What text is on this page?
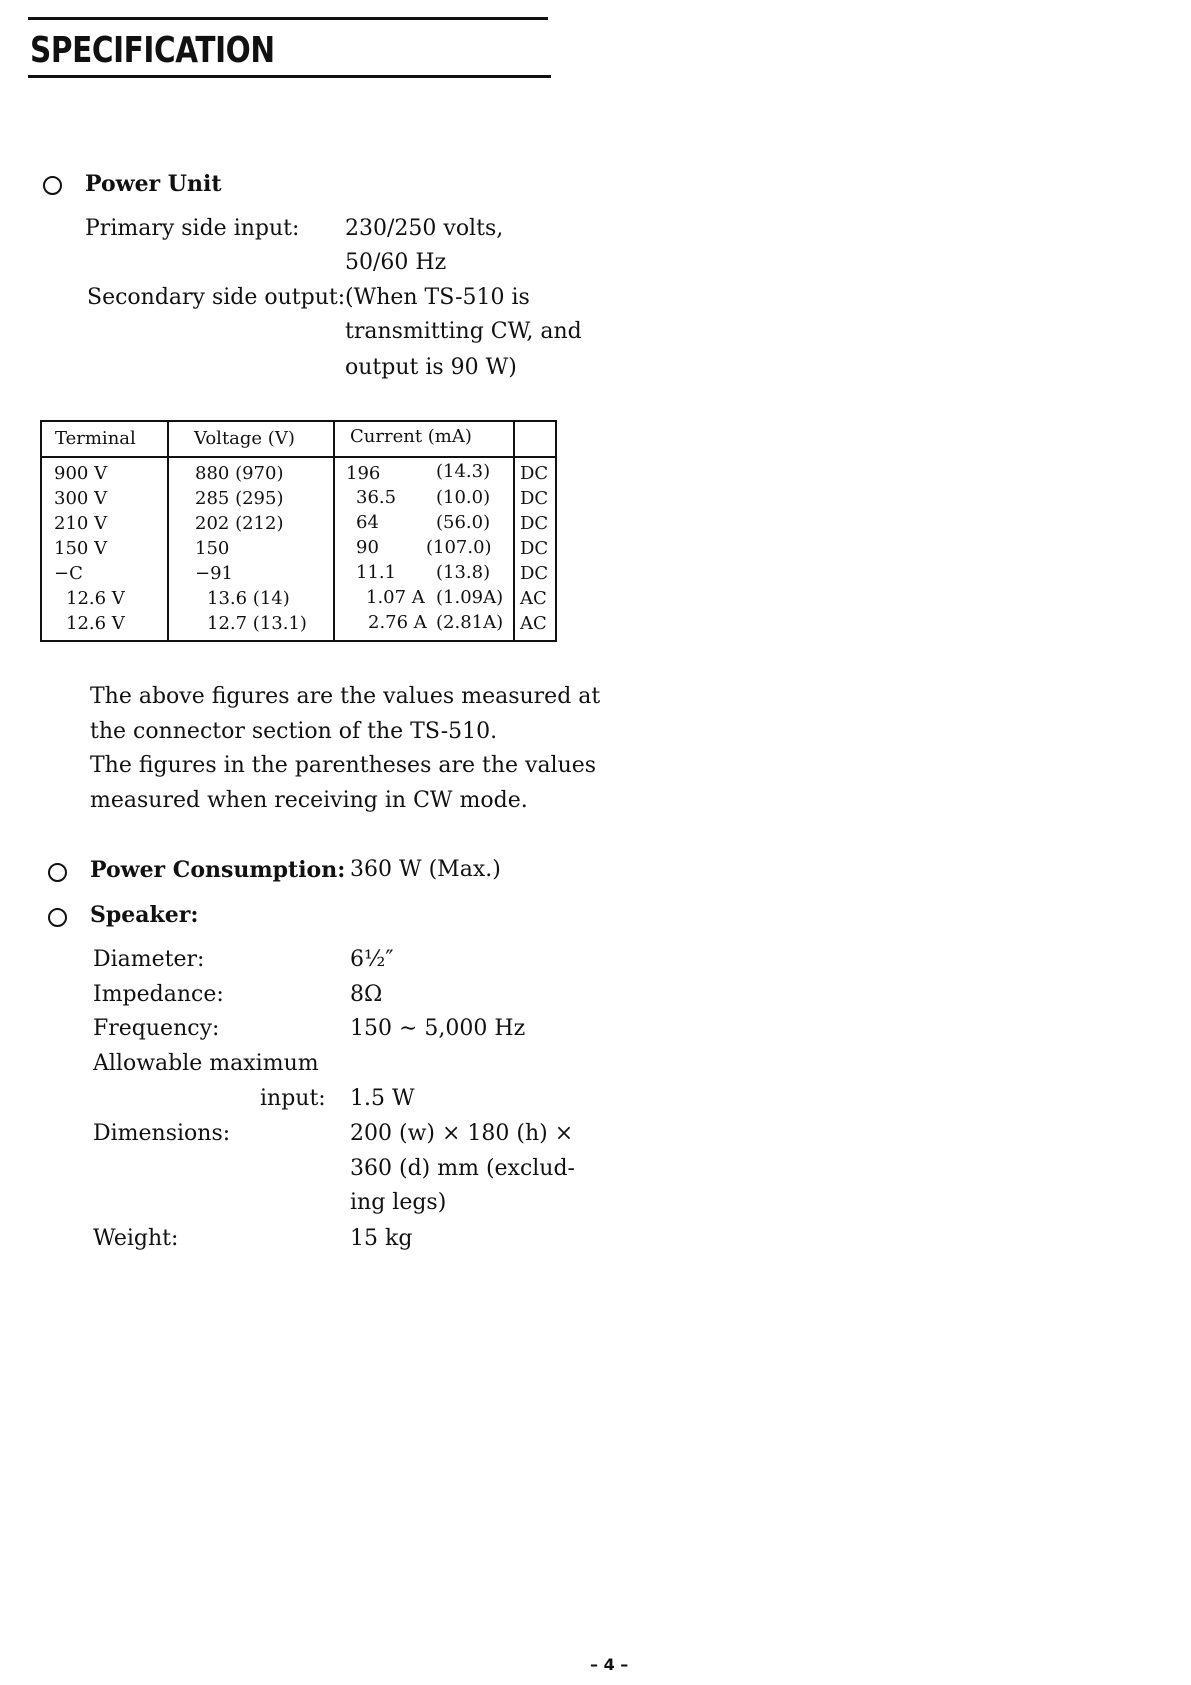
SPECIFICATION
Power Unit
Primary side input: 230/250 volts,
50/60 Hz
Secondary side output: (When TS-510 is
transmitting CW, and
output is 90 W)
Terminal	Voltage (V)	Current (mA)
900 V	880 (970)	196	(14.3) DC
300 V	285 (295)	36.5 (10.0) DC
210 V	202 (212)	64	(56.0) DC
150 V	150	90	(107.0) DC
−C	−91	11.1 (13.8) DC
12.6 V	13.6 (14)	1.07 A (1.09A) AC
12.6 V	12.7 (13.1)	2.76 A (2.81A) AC
The above figures are the values measured at
the connector section of the TS-510.
The figures in the parentheses are the values
measured when receiving in CW mode.
Power Consumption: 360 W (Max.)
Speaker:
Diameter:	6½″
Impedance:	8Ω
Frequency:	150 ∼ 5,000 Hz
Allowable maximum
input: 1.5 W
Dimensions:	200 (w) × 180 (h) ×
360 (d) mm (exclud-
ing legs)
Weight:	15 kg
– 4 –
